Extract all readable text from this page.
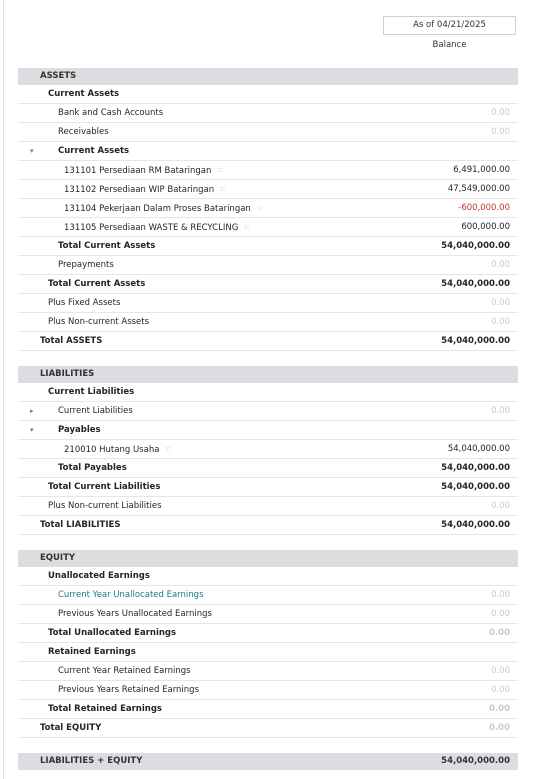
As of 04/21/2025
Balance
ASSETS
Current Assets
Bank and Cash Accounts	0.00
Receivables	0.00
▾	Current Assets
131101 Persediaan RM Bataringan ⁙	6,491,000.00
131102 Persediaan WIP Bataringan ⁙	47,549,000.00
131104 Pekerjaan Dalam Proses Bataringan ⁙	-600,000.00
131105 Persediaan WASTE & RECYCLING ⁙	600,000.00
Total Current Assets	54,040,000.00
Prepayments	0.00
Total Current Assets	54,040,000.00
Plus Fixed Assets	0.00
Plus Non-current Assets	0.00
Total ASSETS	54,040,000.00
LIABILITIES
Current Liabilities
▸	Current Liabilities	0.00
▾	Payables
210010 Hutang Usaha ⁙	54,040,000.00
Total Payables	54,040,000.00
Total Current Liabilities	54,040,000.00
Plus Non-current Liabilities	0.00
Total LIABILITIES	54,040,000.00
EQUITY
Unallocated Earnings
Current Year Unallocated Earnings	0.00
Previous Years Unallocated Earnings	0.00
Total Unallocated Earnings	0.00
Retained Earnings
Current Year Retained Earnings	0.00
Previous Years Retained Earnings	0.00
Total Retained Earnings	0.00
Total EQUITY	0.00
LIABILITIES + EQUITY	54,040,000.00
